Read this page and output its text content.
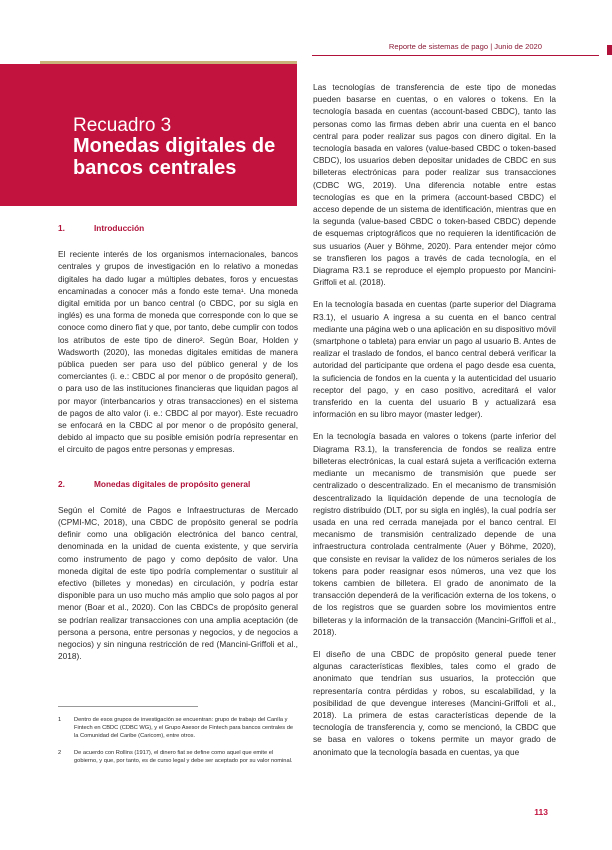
Reporte de sistemas de pago | Junio de 2020
Recuadro 3
Monedas digitales de bancos centrales
1.	Introducción

El reciente interés de los organismos internacionales, bancos centrales y grupos de investigación en lo relativo a monedas digitales ha dado lugar a múltiples debates, foros y encuestas encaminadas a conocer más a fondo este tema¹. Una moneda digital emitida por un banco central (o CBDC, por su sigla en inglés) es una forma de moneda que corresponde con lo que se conoce como dinero fiat y que, por tanto, debe cumplir con todos los atributos de este tipo de dinero². Según Boar, Holden y Wadsworth (2020), las monedas digitales emitidas de manera pública pueden ser para uso del público general y de los comerciantes (i. e.: CBDC al por menor o de propósito general), o para uso de las instituciones financieras que liquidan pagos al por mayor (interbancarios y otras transacciones) en el sistema de pagos de alto valor (i. e.: CBDC al por mayor). Este recuadro se enfocará en la CBDC al por menor o de propósito general, debido al impacto que su posible emisión podría representar en el circuito de pagos entre personas y empresas.

2.	Monedas digitales de propósito general

Según el Comité de Pagos e Infraestructuras de Mercado (CPMI-MC, 2018), una CBDC de propósito general se podría definir como una obligación electrónica del banco central, denominada en la unidad de cuenta existente, y que serviría como instrumento de pago y como depósito de valor. Una moneda digital de este tipo podría complementar o sustituir al efectivo (billetes y monedas) en circulación, y podría estar disponible para un uso mucho más amplio que solo pagos al por menor (Boar et al., 2020). Con las CBDCs de propósito general se podrían realizar transacciones con una amplia aceptación (de persona a persona, entre personas y negocios, y de negocios a negocios) y sin ninguna restricción de red (Mancini-Griffoli et al., 2018).

Las tecnologías de transferencia de este tipo de monedas pueden basarse en cuentas, o en valores o tokens. En la tecnología basada en cuentas (account-based CBDC), tanto las personas como las firmas deben abrir una cuenta en el banco central para poder realizar sus pagos con dinero digital. En la tecnología basada en valores (value-based CBDC o token-based CBDC), los usuarios deben depositar unidades de CBDC en sus billeteras electrónicas para poder realizar sus transacciones (CDBC WG, 2019). Una diferencia notable entre estas tecnologías es que en la primera (account-based CBDC) el acceso depende de un sistema de identificación, mientras que en la segunda (value-based CBDC o token-based CBDC) depende de esquemas criptográficos que no requieren la identificación de sus usuarios (Auer y Böhme, 2020). Para entender mejor cómo se transfieren los pagos a través de cada tecnología, en el Diagrama R3.1 se reproduce el ejemplo propuesto por Mancini-Griffoli et al. (2018).

En la tecnología basada en cuentas (parte superior del Diagrama R3.1), el usuario A ingresa a su cuenta en el banco central mediante una página web o una aplicación en su dispositivo móvil (smartphone o tableta) para enviar un pago al usuario B. Antes de realizar el traslado de fondos, el banco central deberá verificar la autoridad del participante que ordena el pago desde esa cuenta, la suficiencia de fondos en la cuenta y la autenticidad del usuario receptor del pago, y en caso positivo, acreditará el valor transferido en la cuenta del usuario B y actualizará esa información en su libro mayor (master ledger).

En la tecnología basada en valores o tokens (parte inferior del Diagrama R3.1), la transferencia de fondos se realiza entre billeteras electrónicas, la cual estará sujeta a verificación externa mediante un mecanismo de transmisión que puede ser centralizado o descentralizado. En el mecanismo de transmisión descentralizado la liquidación depende de una tecnología de registro distribuido (DLT, por su sigla en inglés), la cual podría ser usada en una red cerrada manejada por el banco central. El mecanismo de transmisión centralizado depende de una infraestructura controlada centralmente (Auer y Böhme, 2020), que consiste en revisar la validez de los números seriales de los tokens para poder reasignar esos números, una vez que los tokens cambien de billetera. El grado de anonimato de la transacción dependerá de la verificación externa de los tokens, o de los registros que se guarden sobre los movimientos entre billeteras y la información de la transacción (Mancini-Griffoli et al., 2018).

El diseño de una CBDC de propósito general puede tener algunas características flexibles, tales como el grado de anonimato que tendrían sus usuarios, la protección que representaría contra pérdidas y robos, su escalabilidad, y la posibilidad de que devengue intereses (Mancini-Griffoli et al., 2018). La primera de estas características depende de la tecnología de transferencia y, como se mencionó, la CBDC que se basa en valores o tokens permite un mayor grado de anonimato que la tecnología basada en cuentas, ya que

1	Dentro de esos grupos de investigación se encuentran: grupo de trabajo del Canlla y Fintech en CBDC (CDBC WG), y el Grupo Asesor de Fintech para bancos centrales de la Comunidad del Caribe (Caricom), entre otros.
2	De acuerdo con Rollins (1917), el dinero fiat se define como aquel que emite el gobierno, y que, por tanto, es de curso legal y debe ser aceptado por su valor nominal.
113
